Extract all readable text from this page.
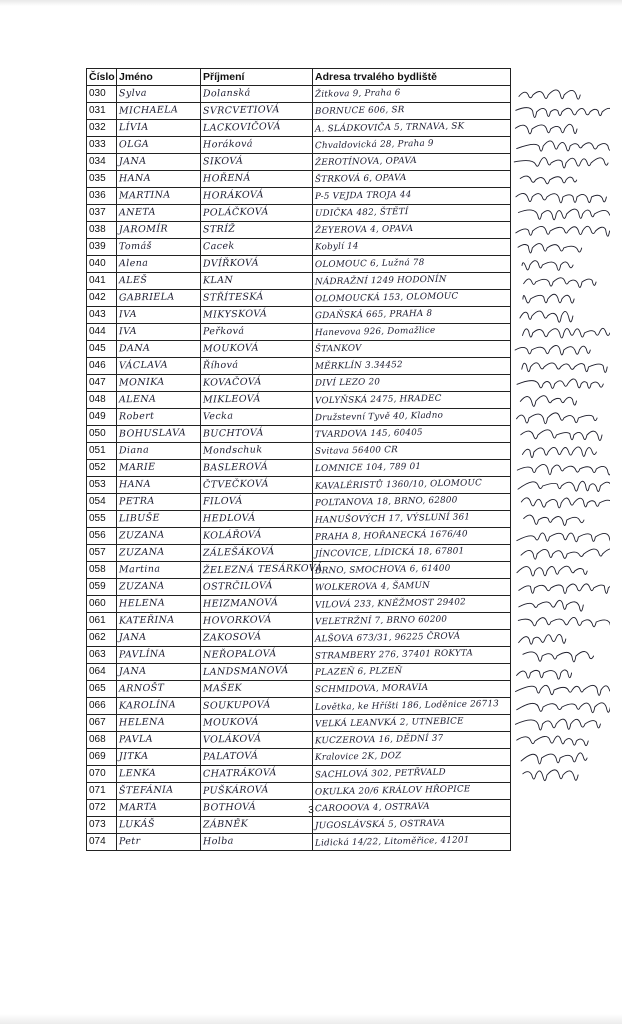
Číslo	Jméno	Příjmení	Adresa trvalého bydliště
030	Sylva	Dolanská	Žitkova 9, Praha 6
031	MICHAELA	SVRCVETIOVÁ	BORNUCE 606, SR
032	LÍVIA	LACKOVIČOVÁ	A. SLÁDKOVIČA 5, TRNAVA, SK
033	OLGA	Horáková	Chvaldovická 28, Praha 9
034	JANA	SIKOVÁ	ŽEROTÍNOVA, OPAVA
035	HANA	HOŘENÁ	ŠTRKOVÁ 6, OPAVA
036	MARTINA	HORÁKOVÁ	P-5 VEJDA TROJA 44
037	ANETA	POLÁČKOVÁ	UDIČKA 482, ŠTĚTÍ
038	JAROMÍR	STRÍŽ	ŽEYEROVA 4, OPAVA
039	Tomáš	Cacek	Kobylí 14
040	Alena	DVÍŘKOVÁ	OLOMOUC 6, Lužná 78
041	ALEŠ	KLAN	NÁDRAŽNÍ 1249 HODONÍN
042	GABRIELA	STŘÍTESKÁ	OLOMOUCKÁ 153, OLOMOUC
043	IVA	MIKYSKOVÁ	GDAŇSKÁ 665, PRAHA 8
044	IVA	Peřková	Hanevova 926, Domažlice
045	DANA	MOUKOVÁ	ŠTANKOV
046	VÁCLAVA	Říhová	MĚRKLÍN 3.34452
047	MONIKA	KOVAČOVÁ	DIVÍ LEZO 20
048	ALENA	MIKLEOVÁ	VOLYŇSKÁ 2475, HRADEC
049	Robert	Vecka	Družstevní Tyvě 40, Kladno
050	BOHUSLAVA	BUCHTOVÁ	TVARDOVA 145, 60405
051	Diana	Mondschuk	Svitava 56400 CR
052	MARIE	BASLEROVÁ	LOMNICE 104, 789 01
053	HANA	ČTVEČKOVÁ	KAVALÉRISTŮ 1360/10, OLOMOUC
054	PETRA	FILOVÁ	POLTANOVA 18, BRNO, 62800
055	LIBUŠE	HEDLOVÁ	HANUŠOVÝCH 17, VÝSLUNÍ 361
056	ZUZANA	KOLÁŘOVÁ	PRAHA 8, HOŘANECKÁ 1676/40
057	ZUZANA	ZÁLEŠÁKOVÁ	JÍNCOVICE, LÍDICKÁ 18, 67801
058	Martina	ŽELEZNÁ TESÁRKOVÁ	BRNO, SMOCHOVA 6, 61400
059	ZUZANA	OSTRČILOVÁ	WOLKEROVA 4, ŠAMUN
060	HELENA	HEIZMANOVÁ	VILOVÁ 233, KNĚŽMOST 29402
061	KATEŘINA	HOVORKOVÁ	VELETRŽNÍ 7, BRNO 60200
062	JANA	ZAKOSOVÁ	ALŠOVA 673/31, 96225 ČROVÁ
063	PAVLÍNA	NEŘOPALOVÁ	STRAMBERY 276, 37401 ROKYTA
064	JANA	LANDSMANOVÁ	PLAZEŇ 6, PLZEŇ
065	ARNOŠT	MAŠEK	SCHMIDOVA, MORAVIA
066	KAROLÍNA	SOUKUPOVÁ	Lovětka, ke Hříšti 186, Loděnice 26713
067	HELENA	MOUKOVÁ	VELKÁ LEANVKÁ 2, UTNEBICE
068	PAVLA	VOLÁKOVÁ	KUCZEROVA 16, DĚDNÍ 37
069	JITKA	PALATOVÁ	Kralovice 2K, DOZ
070	LENKA	CHATRÁKOVÁ	SACHLOVÁ 302, PETŘVALD
071	ŠTEFÁNIA	PUŠKÁROVÁ	OKULKA 20/6 KRÁLOV HŘOPICE
072	MARTA	BOTHOVÁ	CAROOOVA 4, OSTRAVA
073	LUKÁŠ	ZÁBNĚK	JUGOSLÁVSKÁ 5, OSTRAVA
074	Petr	Holba	Lidická 14/22, Litoměřice, 41201
3
